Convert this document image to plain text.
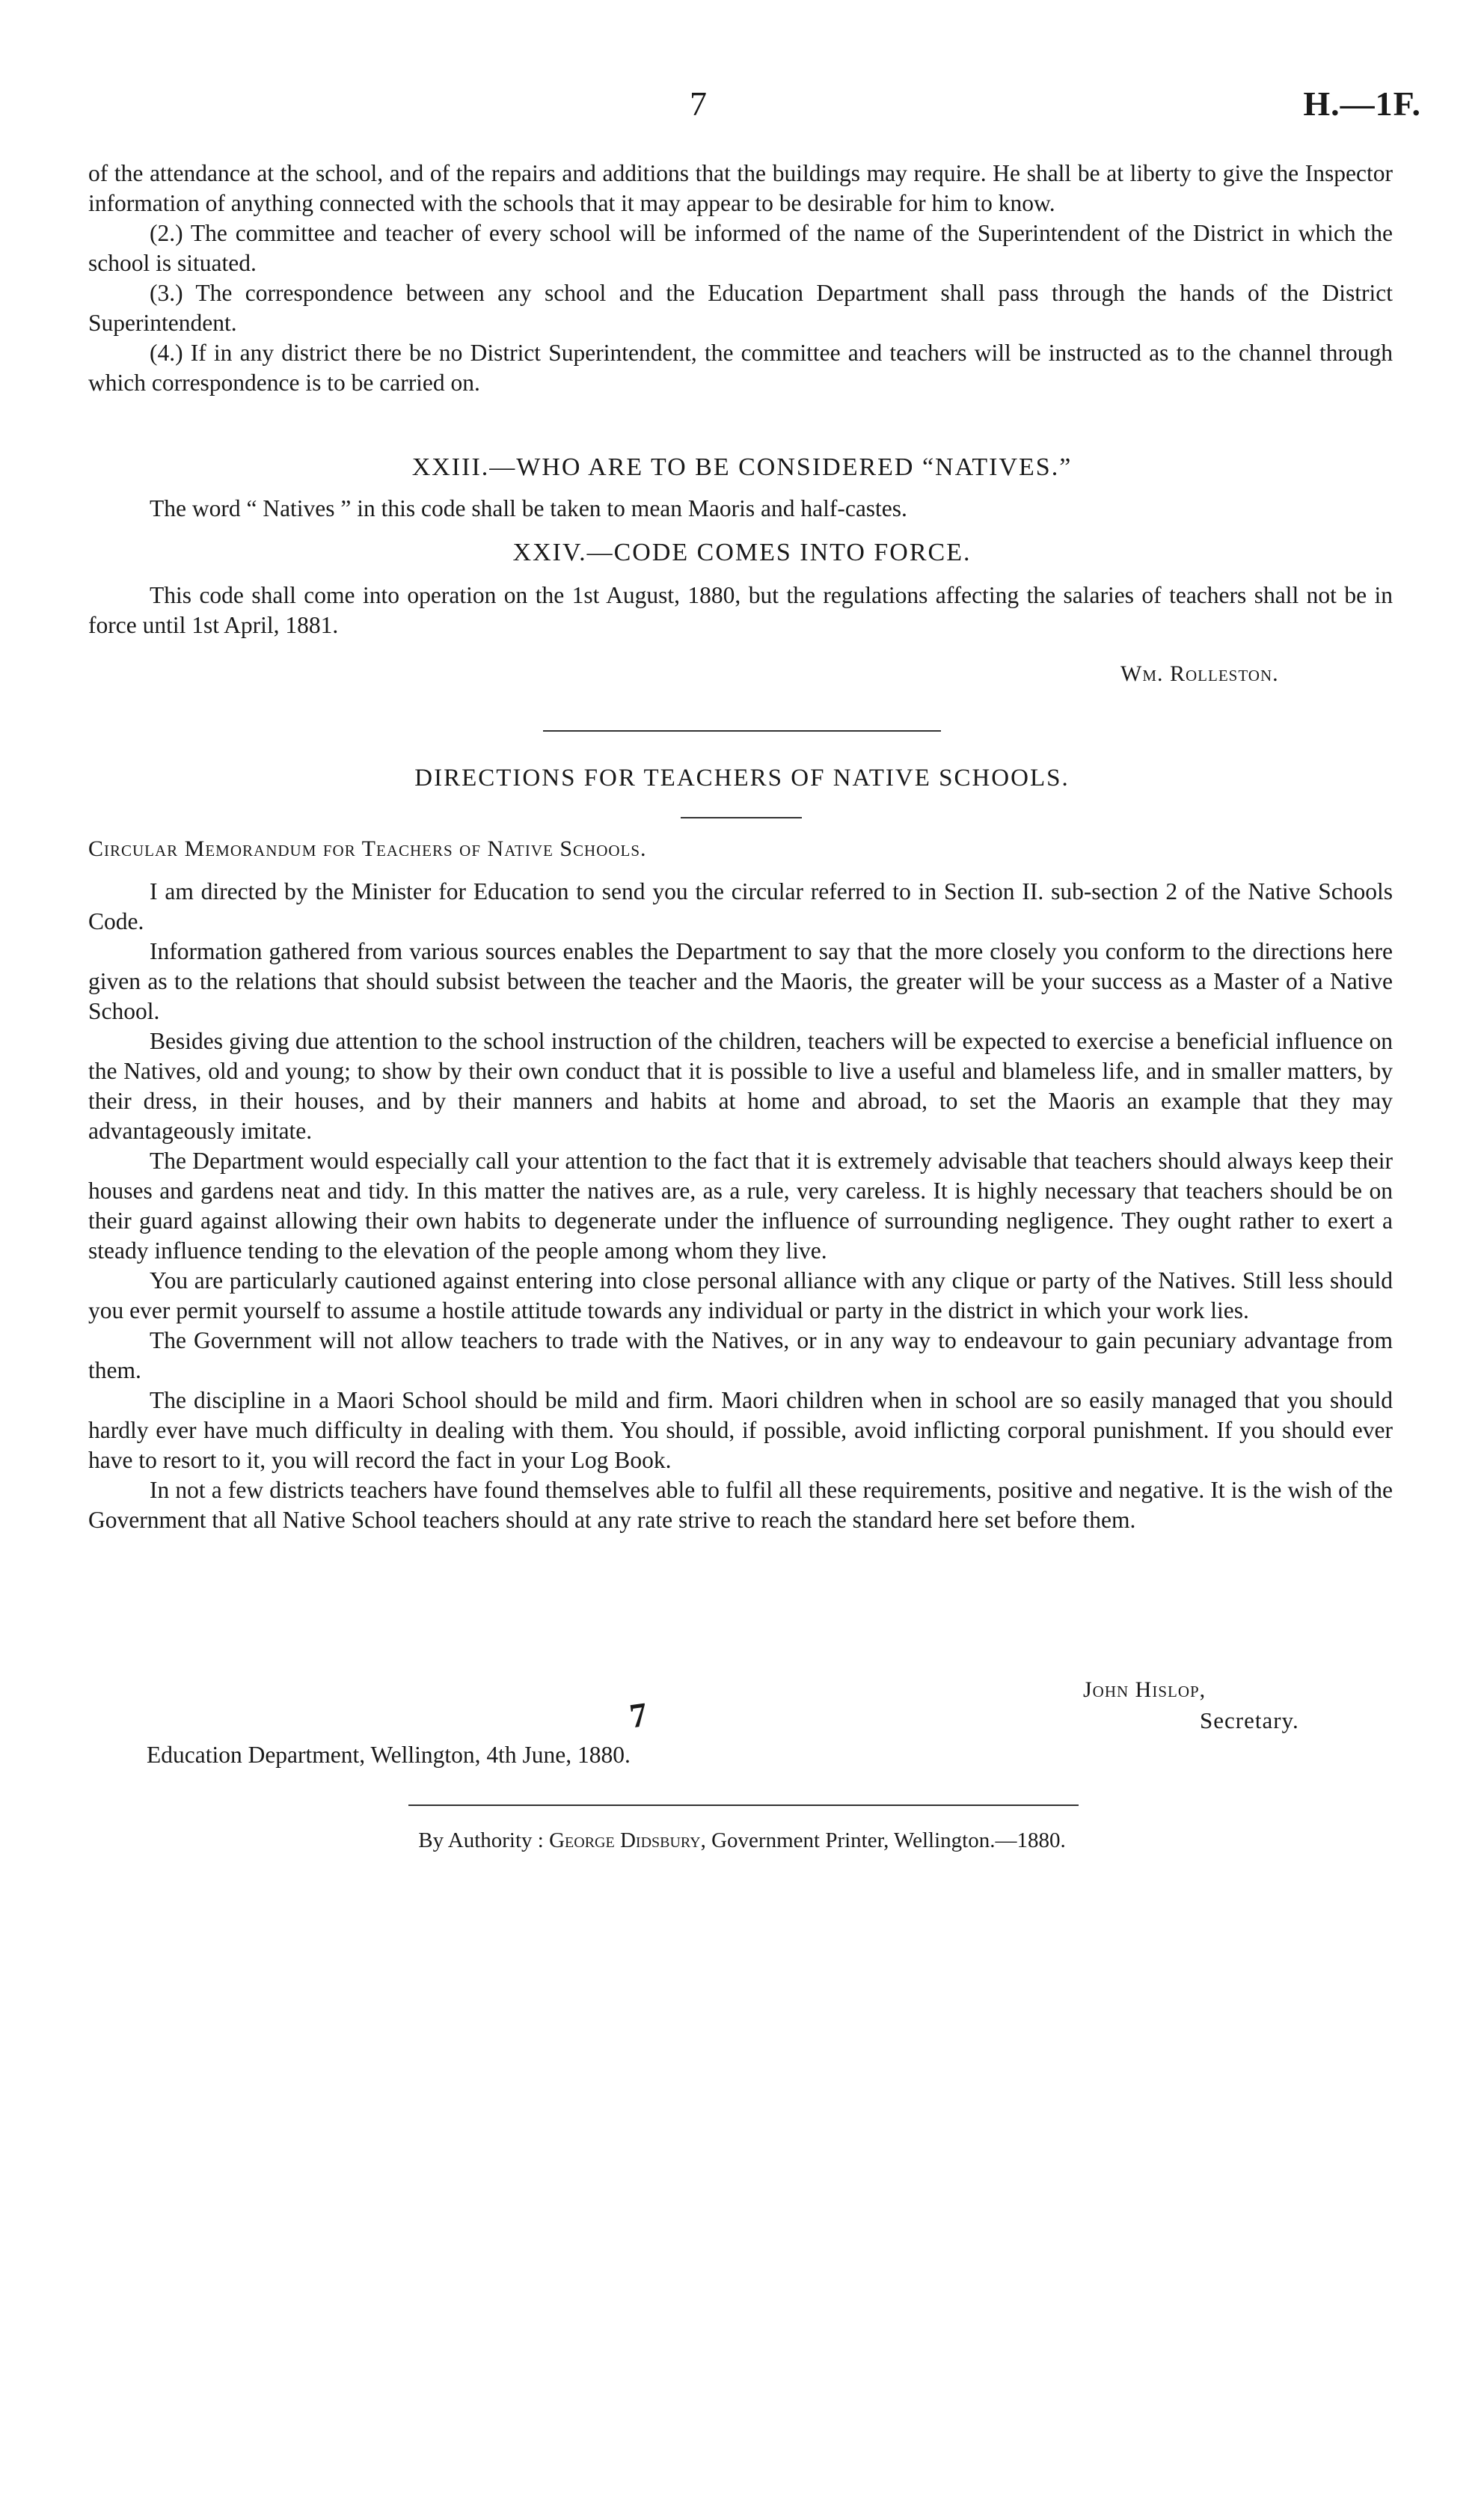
7	H.—1F.

of the attendance at the school, and of the repairs and additions that the buildings may require. He shall be at liberty to give the Inspector information of anything connected with the schools that it may appear to be desirable for him to know.

(2.) The committee and teacher of every school will be informed of the name of the Superintendent of the District in which the school is situated.

(3.) The correspondence between any school and the Education Department shall pass through the hands of the District Superintendent.

(4.) If in any district there be no District Superintendent, the committee and teachers will be instructed as to the channel through which correspondence is to be carried on.

XXIII.—WHO ARE TO BE CONSIDERED “NATIVES.”

The word “ Natives ” in this code shall be taken to mean Maoris and half-castes.

XXIV.—CODE COMES INTO FORCE.

This code shall come into operation on the 1st August, 1880, but the regulations affecting the salaries of teachers shall not be in force until 1st April, 1881.

Wm. Rolleston.
DIRECTIONS FOR TEACHERS OF NATIVE SCHOOLS.
Circular Memorandum for Teachers of Native Schools.

I am directed by the Minister for Education to send you the circular referred to in Section II. sub-section 2 of the Native Schools Code.

Information gathered from various sources enables the Department to say that the more closely you conform to the directions here given as to the relations that should subsist between the teacher and the Maoris, the greater will be your success as a Master of a Native School.

Besides giving due attention to the school instruction of the children, teachers will be expected to exercise a beneficial influence on the Natives, old and young; to show by their own conduct that it is possible to live a useful and blameless life, and in smaller matters, by their dress, in their houses, and by their manners and habits at home and abroad, to set the Maoris an example that they may advantageously imitate.

The Department would especially call your attention to the fact that it is extremely advisable that teachers should always keep their houses and gardens neat and tidy. In this matter the natives are, as a rule, very careless. It is highly necessary that teachers should be on their guard against allowing their own habits to degenerate under the influence of surrounding negligence. They ought rather to exert a steady influence tending to the elevation of the people among whom they live.

You are particularly cautioned against entering into close personal alliance with any clique or party of the Natives. Still less should you ever permit yourself to assume a hostile attitude towards any individual or party in the district in which your work lies.

The Government will not allow teachers to trade with the Natives, or in any way to endeavour to gain pecuniary advantage from them.

The discipline in a Maori School should be mild and firm. Maori children when in school are so easily managed that you should hardly ever have much difficulty in dealing with them. You should, if possible, avoid inflicting corporal punishment. If you should ever have to resort to it, you will record the fact in your Log Book.

In not a few districts teachers have found themselves able to fulfil all these requirements, positive and negative. It is the wish of the Government that all Native School teachers should at any rate strive to reach the standard here set before them.

John Hislop,
Secretary.
7

Education Department, Wellington, 4th June, 1880.

By Authority : George Didsbury, Government Printer, Wellington.—1880.
